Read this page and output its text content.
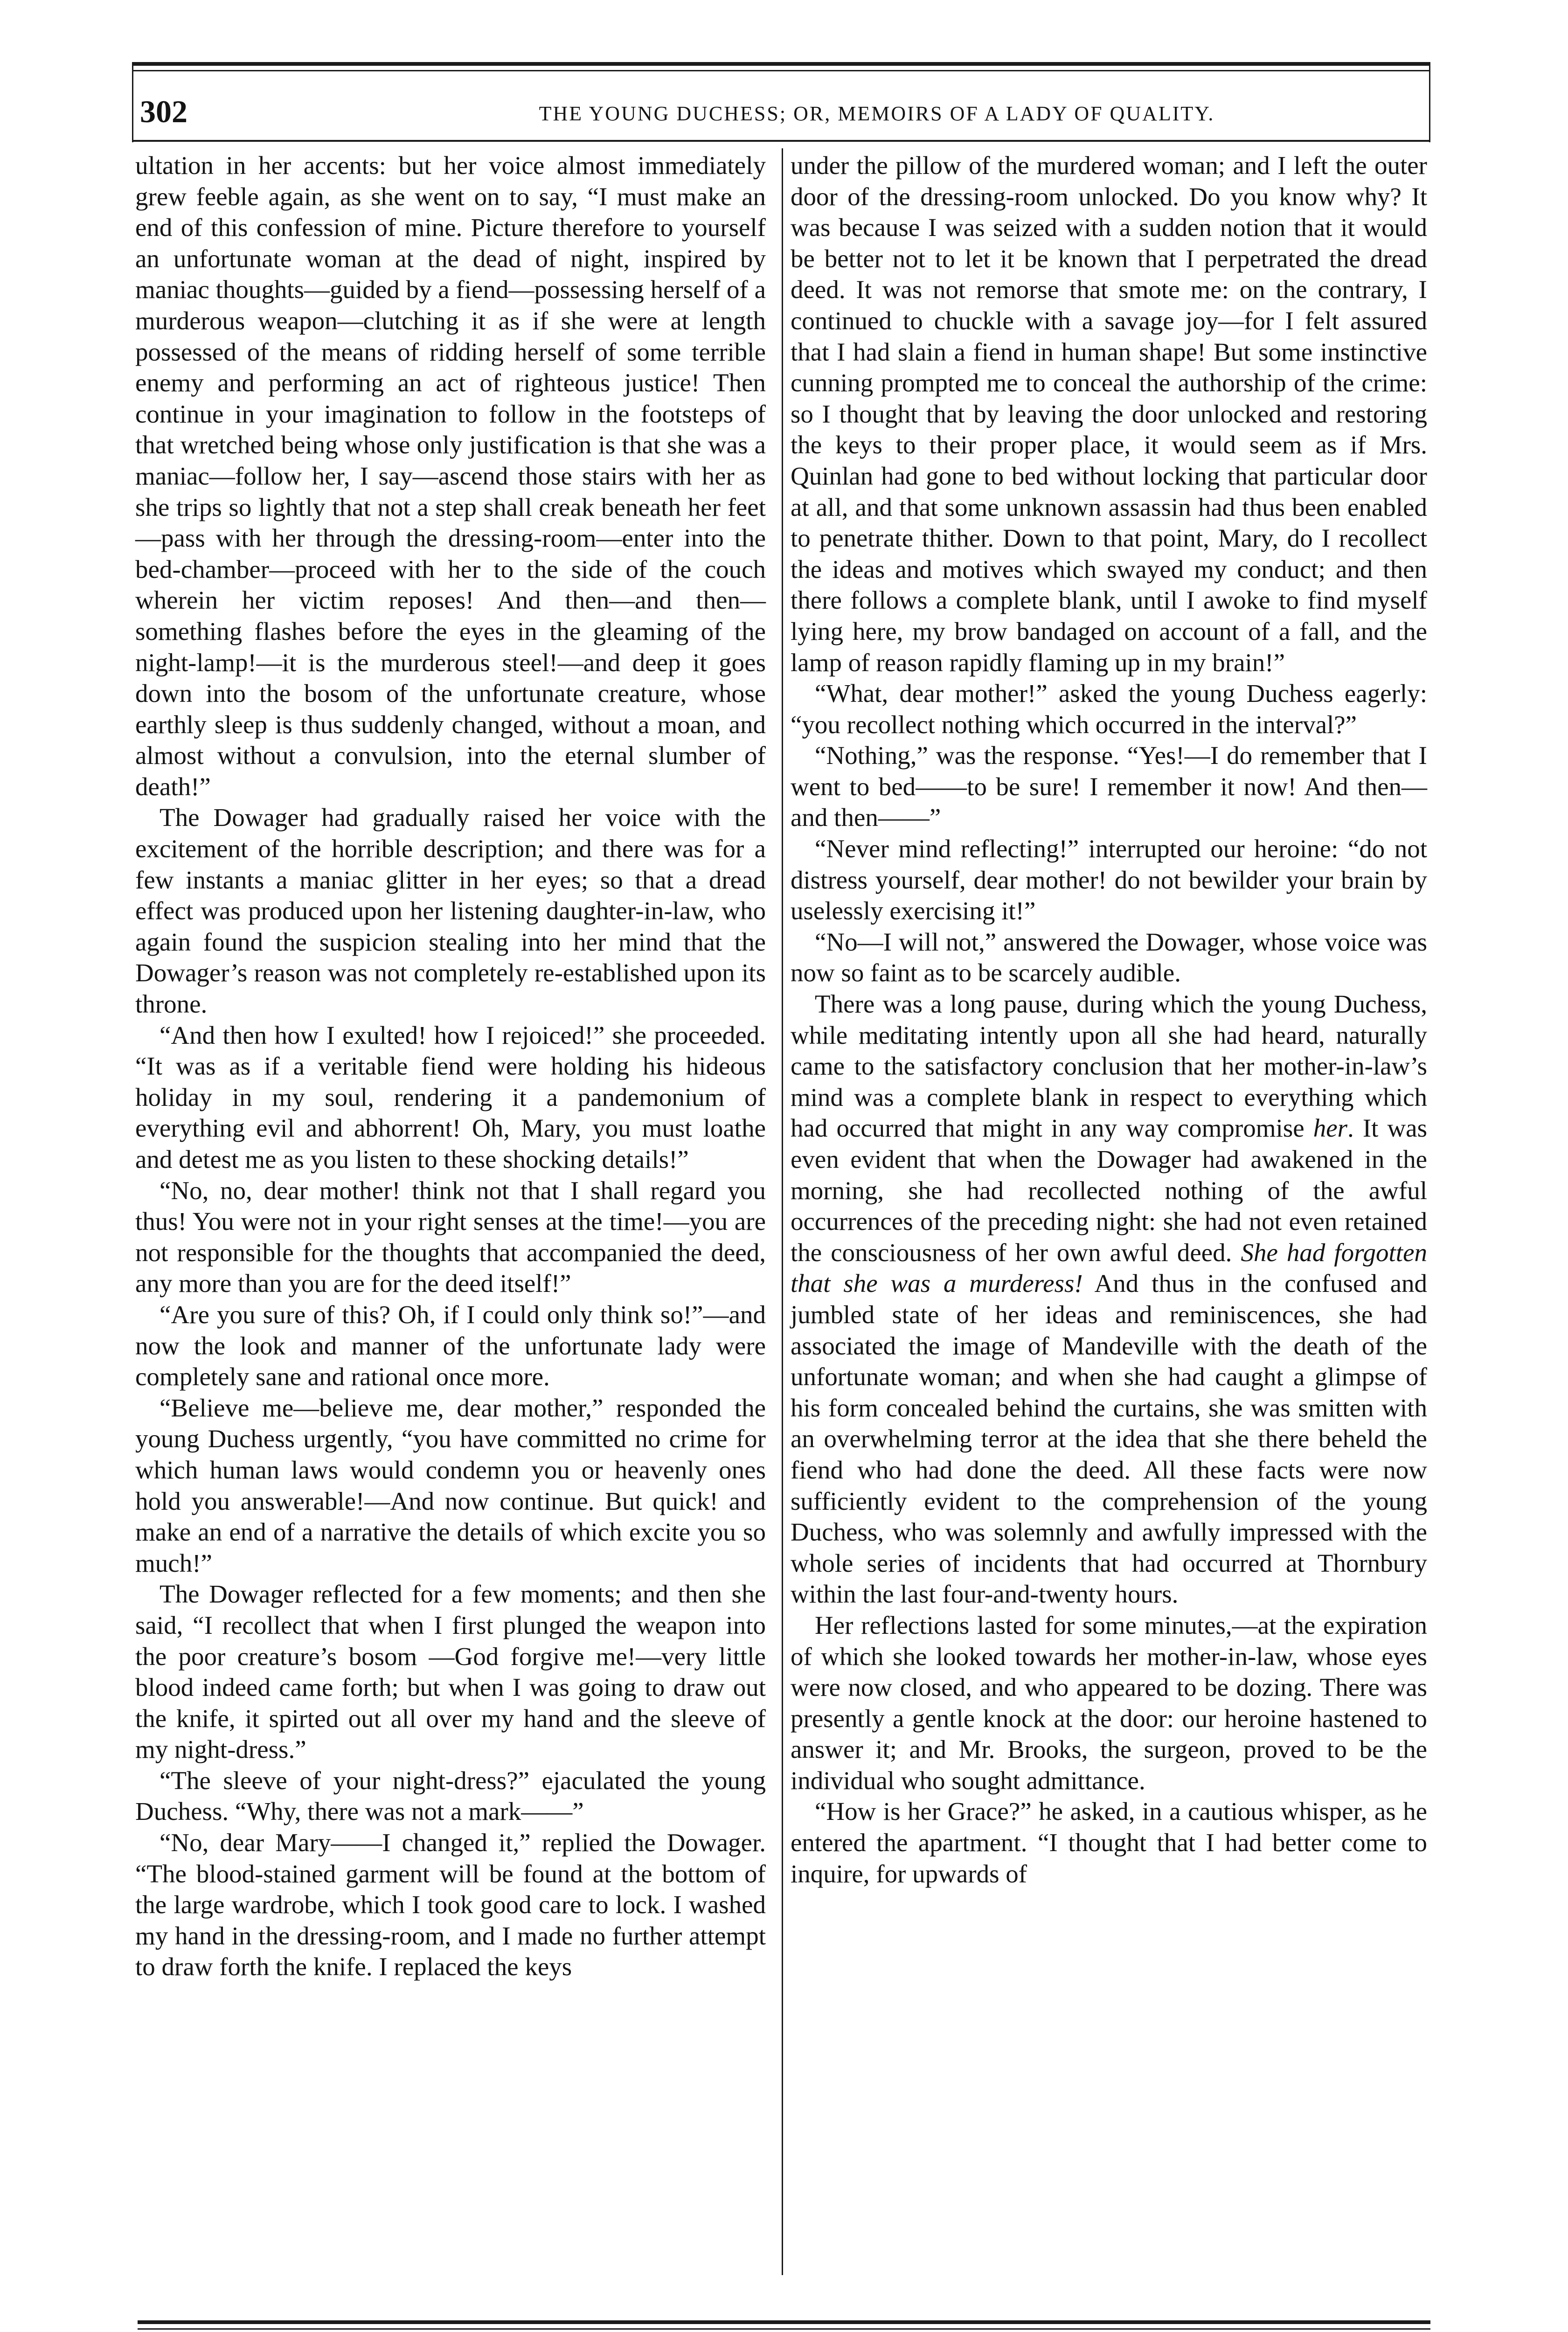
302	THE YOUNG DUCHESS; OR, MEMOIRS OF A LADY OF QUALITY.

ultation in her accents: but her voice almost immediately grew feeble again, as she went on to say, “I must make an end of this confession of mine. Picture therefore to yourself an unfortunate woman at the dead of night, inspired by maniac thoughts—guided by a fiend—possessing herself of a murderous weapon—clutching it as if she were at length possessed of the means of ridding herself of some terrible enemy and performing an act of righteous justice! Then continue in your imagination to follow in the footsteps of that wretched being whose only justification is that she was a maniac—follow her, I say—ascend those stairs with her as she trips so lightly that not a step shall creak beneath her feet—pass with her through the dressing-room—enter into the bed-chamber—proceed with her to the side of the couch wherein her victim reposes! And then—and then—something flashes before the eyes in the gleaming of the night-lamp!—it is the murderous steel!—and deep it goes down into the bosom of the unfortunate creature, whose earthly sleep is thus suddenly changed, without a moan, and almost without a convulsion, into the eternal slumber of death!”

The Dowager had gradually raised her voice with the excitement of the horrible description; and there was for a few instants a maniac glitter in her eyes; so that a dread effect was produced upon her listening daughter-in-law, who again found the suspicion stealing into her mind that the Dowager’s reason was not completely re-established upon its throne.

“And then how I exulted! how I rejoiced!” she proceeded. “It was as if a veritable fiend were holding his hideous holiday in my soul, rendering it a pandemonium of everything evil and abhorrent! Oh, Mary, you must loathe and detest me as you listen to these shocking details!”

“No, no, dear mother! think not that I shall regard you thus! You were not in your right senses at the time!—you are not responsible for the thoughts that accompanied the deed, any more than you are for the deed itself!”

“Are you sure of this? Oh, if I could only think so!”—and now the look and manner of the unfortunate lady were completely sane and rational once more.

“Believe me—believe me, dear mother,” responded the young Duchess urgently, “you have committed no crime for which human laws would condemn you or heavenly ones hold you answerable!—And now continue. But quick! and make an end of a narrative the details of which excite you so much!”

The Dowager reflected for a few moments; and then she said, “I recollect that when I first plunged the weapon into the poor creature’s bosom —God forgive me!—very little blood indeed came forth; but when I was going to draw out the knife, it spirted out all over my hand and the sleeve of my night-dress.”

“The sleeve of your night-dress?” ejaculated the young Duchess. “Why, there was not a mark——”

“No, dear Mary——I changed it,” replied the Dowager. “The blood-stained garment will be found at the bottom of the large wardrobe, which I took good care to lock. I washed my hand in the dressing-room, and I made no further attempt to draw forth the knife. I replaced the keys

under the pillow of the murdered woman; and I left the outer door of the dressing-room unlocked. Do you know why? It was because I was seized with a sudden notion that it would be better not to let it be known that I perpetrated the dread deed. It was not remorse that smote me: on the contrary, I continued to chuckle with a savage joy—for I felt assured that I had slain a fiend in human shape! But some instinctive cunning prompted me to conceal the authorship of the crime: so I thought that by leaving the door unlocked and restoring the keys to their proper place, it would seem as if Mrs. Quinlan had gone to bed without locking that particular door at all, and that some unknown assassin had thus been enabled to penetrate thither. Down to that point, Mary, do I recollect the ideas and motives which swayed my conduct; and then there follows a complete blank, until I awoke to find myself lying here, my brow bandaged on account of a fall, and the lamp of reason rapidly flaming up in my brain!”

“What, dear mother!” asked the young Duchess eagerly: “you recollect nothing which occurred in the interval?”

“Nothing,” was the response. “Yes!—I do remember that I went to bed——to be sure! I remember it now! And then—and then——”

“Never mind reflecting!” interrupted our heroine: “do not distress yourself, dear mother! do not bewilder your brain by uselessly exercising it!”

“No—I will not,” answered the Dowager, whose voice was now so faint as to be scarcely audible.

There was a long pause, during which the young Duchess, while meditating intently upon all she had heard, naturally came to the satisfactory conclusion that her mother-in-law’s mind was a complete blank in respect to everything which had occurred that might in any way compromise her. It was even evident that when the Dowager had awakened in the morning, she had recollected nothing of the awful occurrences of the preceding night: she had not even retained the consciousness of her own awful deed. She had forgotten that she was a murderess! And thus in the confused and jumbled state of her ideas and reminiscences, she had associated the image of Mandeville with the death of the unfortunate woman; and when she had caught a glimpse of his form concealed behind the curtains, she was smitten with an overwhelming terror at the idea that she there beheld the fiend who had done the deed. All these facts were now sufficiently evident to the comprehension of the young Duchess, who was solemnly and awfully impressed with the whole series of incidents that had occurred at Thornbury within the last four-and-twenty hours.

Her reflections lasted for some minutes,—at the expiration of which she looked towards her mother-in-law, whose eyes were now closed, and who appeared to be dozing. There was presently a gentle knock at the door: our heroine hastened to answer it; and Mr. Brooks, the surgeon, proved to be the individual who sought admittance.

“How is her Grace?” he asked, in a cautious whisper, as he entered the apartment. “I thought that I had better come to inquire, for upwards of
